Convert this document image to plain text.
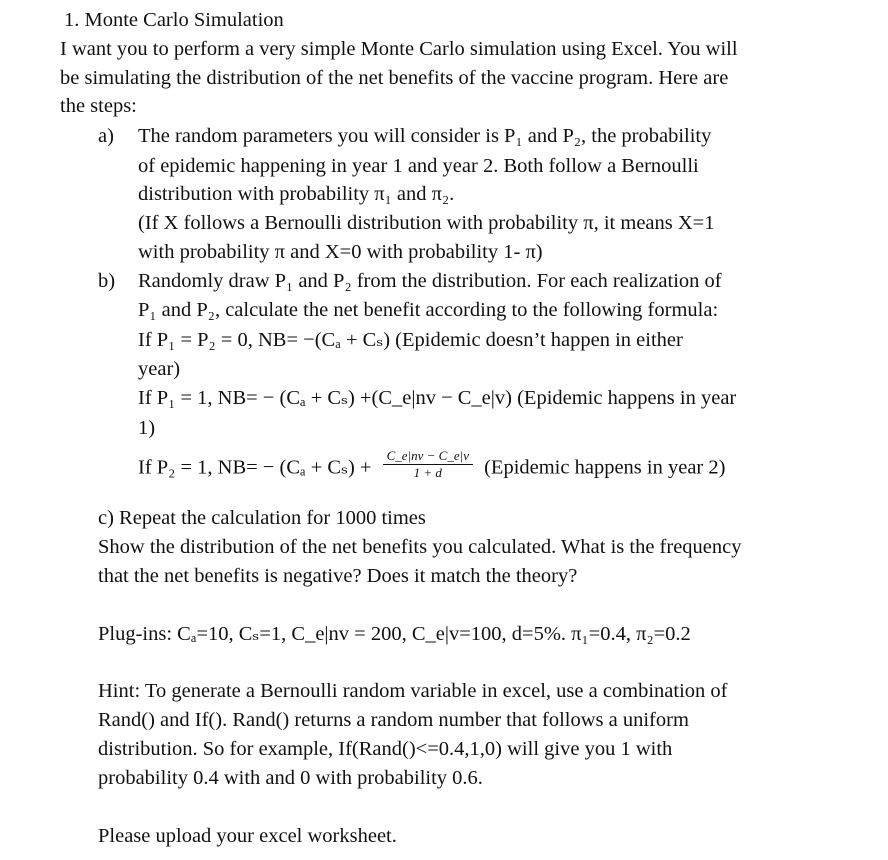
1. Monte Carlo Simulation
I want you to perform a very simple Monte Carlo simulation using Excel. You will
be simulating the distribution of the net benefits of the vaccine program. Here are
the steps:
a) The random parameters you will consider is P₁ and P₂, the probability
of epidemic happening in year 1 and year 2. Both follow a Bernoulli
distribution with probability π₁ and π₂.
(If X follows a Bernoulli distribution with probability π, it means X=1
with probability π and X=0 with probability 1- π)
b) Randomly draw P₁ and P₂ from the distribution. For each realization of
P₁ and P₂, calculate the net benefit according to the following formula:
If P₁ = P₂ = 0, NB= −(Cₐ + Cₛ) (Epidemic doesn’t happen in either
year)
If P₁ = 1, NB= − (Cₐ + Cₛ) +(C_e|nv − C_e|v) (Epidemic happens in year
1)
If P₂ = 1, $NB= - (C_a + C_s) + \frac{C\_e|nv - C\_e|v}{1 + d}$ (Epidemic happens in year 2)
c) Repeat the calculation for 1000 times
Show the distribution of the net benefits you calculated. What is the frequency
that the net benefits is negative? Does it match the theory?
Plug-ins: Cₐ=10, Cₛ=1, C_e|nv = 200, C_e|v=100, d=5%. π₁=0.4, π₂=0.2
Hint: To generate a Bernoulli random variable in excel, use a combination of
Rand() and If(). Rand() returns a random number that follows a uniform
distribution. So for example, If(Rand()<=0.4,1,0) will give you 1 with
probability 0.4 with and 0 with probability 0.6.
Please upload your excel worksheet.
